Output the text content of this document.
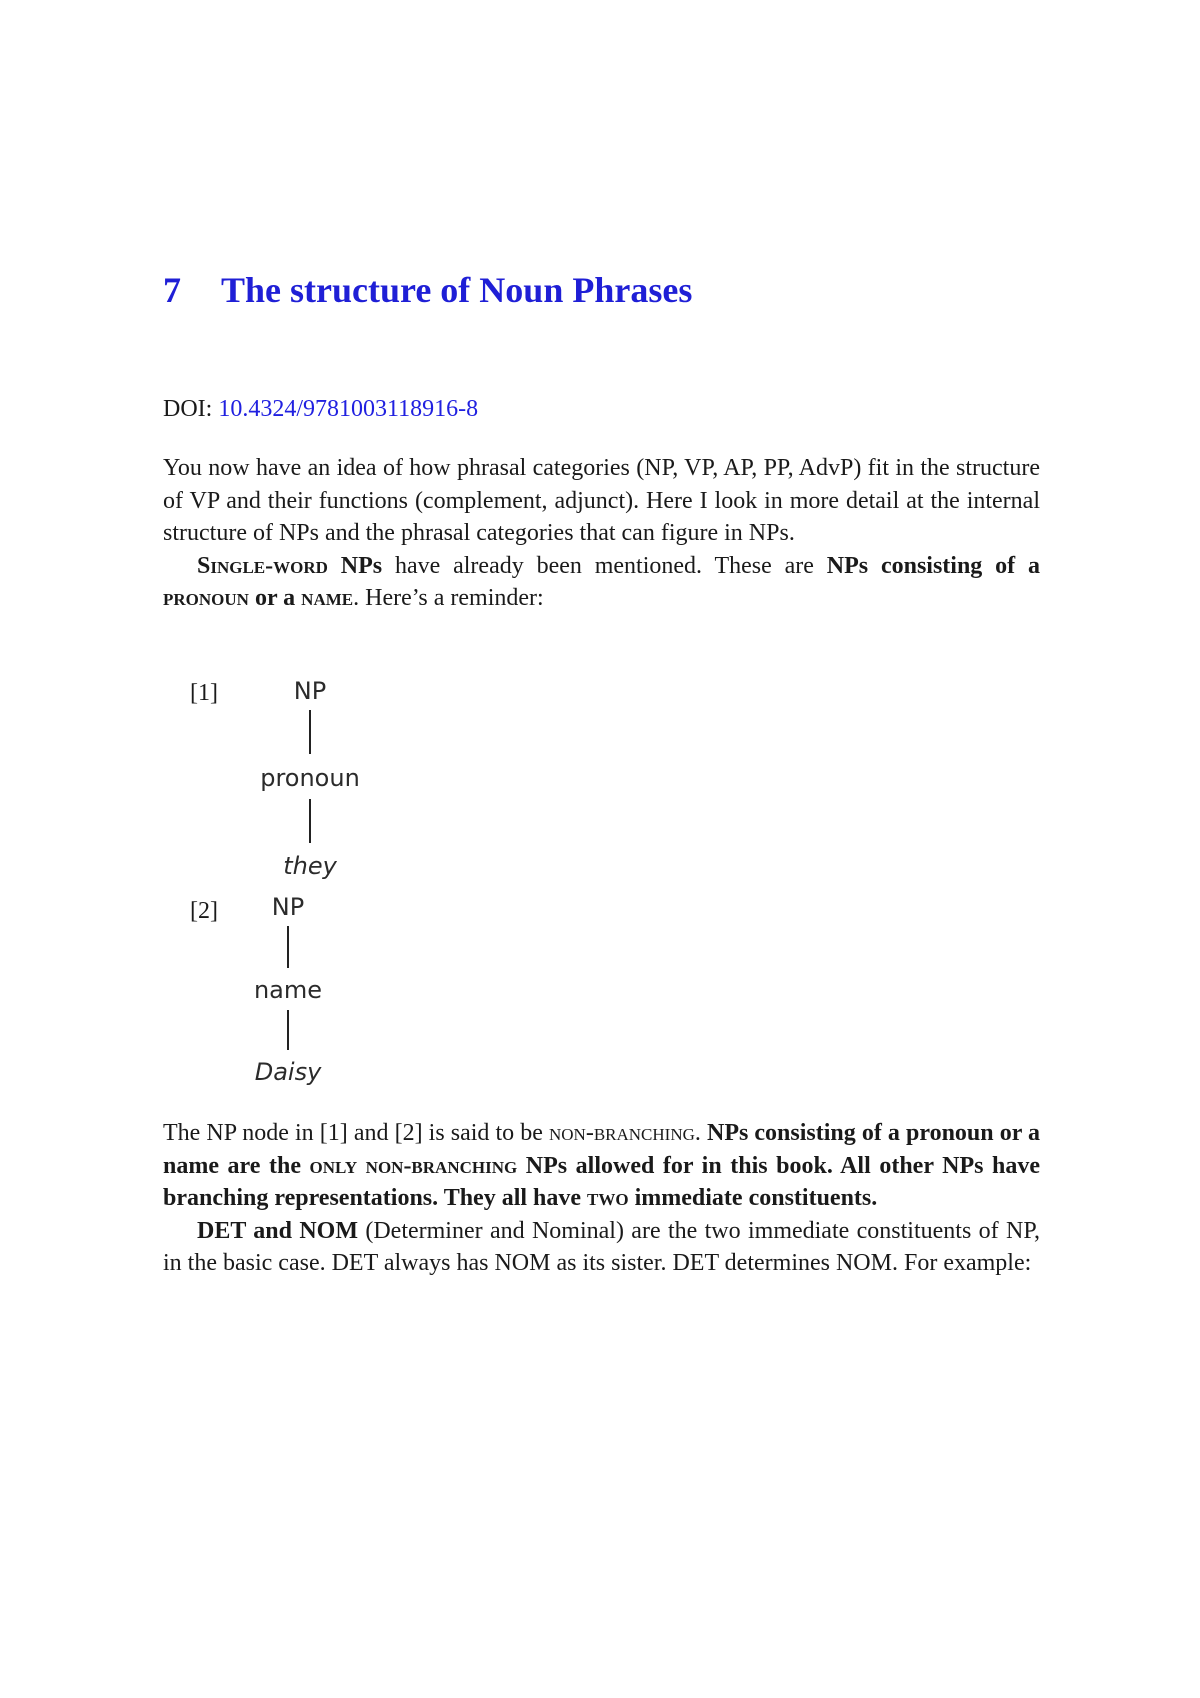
7 The structure of Noun Phrases
DOI: 10.4324/9781003118916-8

You now have an idea of how phrasal categories (NP, VP, AP, PP, AdvP) fit in the structure of VP and their functions (complement, adjunct). Here I look in more detail at the internal structure of NPs and the phrasal categories that can figure in NPs.

Single-word NPs have already been mentioned. These are NPs consisting of a pronoun or a name. Here’s a reminder:

[1]
[2]
NP
pronoun
they
NP
name
Daisy

The NP node in [1] and [2] is said to be non-branching. NPs consisting of a pronoun or a name are the only non-branching NPs allowed for in this book. All other NPs have branching representations. They all have two immediate constituents.

DET and NOM (Determiner and Nominal) are the two immediate constituents of NP, in the basic case. DET always has NOM as its sister. DET determines NOM. For example:
